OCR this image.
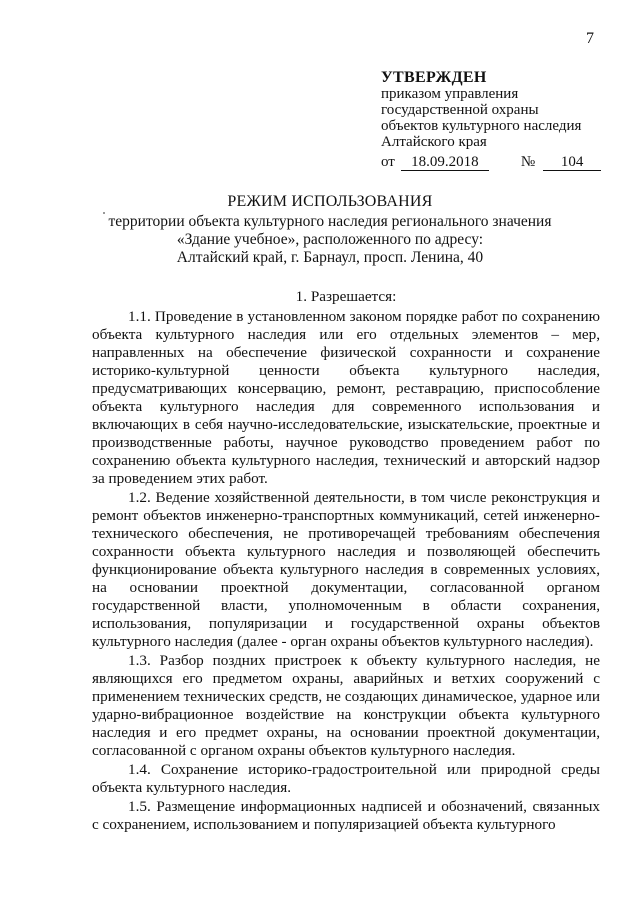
7
УТВЕРЖДЕН
приказом управления
государственной охраны
объектов культурного наследия
Алтайского края
от 18.09.2018	№ 104
РЕЖИМ ИСПОЛЬЗОВАНИЯ
территории объекта культурного наследия регионального значения
«Здание учебное», расположенного по адресу:
Алтайский край, г. Барнаул, просп. Ленина, 40
1. Разрешается:

1.1. Проведение в установленном законом порядке работ по сохранению объекта культурного наследия или его отдельных элементов – мер, направленных на обеспечение физической сохранности и сохранение историко-культурной ценности объекта культурного наследия, предусматривающих консервацию, ремонт, реставрацию, приспособление объекта культурного наследия для современного использования и включающих в себя научно-исследовательские, изыскательские, проектные и производственные работы, научное руководство проведением работ по сохранению объекта культурного наследия, технический и авторский надзор за проведением этих работ.

1.2. Ведение хозяйственной деятельности, в том числе реконструкция и ремонт объектов инженерно-транспортных коммуникаций, сетей инженерно-технического обеспечения, не противоречащей требованиям обеспечения сохранности объекта культурного наследия и позволяющей обеспечить функционирование объекта культурного наследия в современных условиях, на основании проектной документации, согласованной органом государственной власти, уполномоченным в области сохранения, использования, популяризации и государственной охраны объектов культурного наследия (далее - орган охраны объектов культурного наследия).

1.3. Разбор поздних пристроек к объекту культурного наследия, не являющихся его предметом охраны, аварийных и ветхих сооружений с применением технических средств, не создающих динамическое, ударное или ударно-вибрационное воздействие на конструкции объекта культурного наследия и его предмет охраны, на основании проектной документации, согласованной с органом охраны объектов культурного наследия.

1.4. Сохранение историко-градостроительной или природной среды объекта культурного наследия.

1.5. Размещение информационных надписей и обозначений, связанных с сохранением, использованием и популяризацией объекта культурного
